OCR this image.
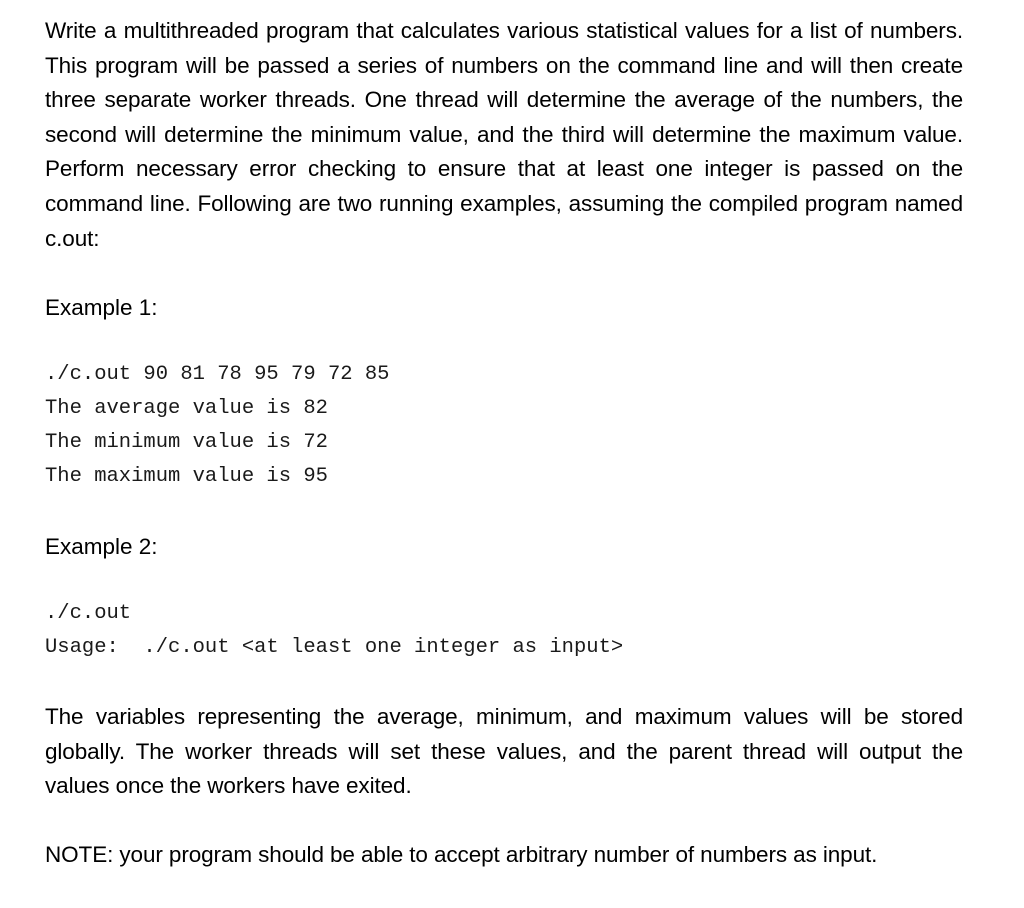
Write a multithreaded program that calculates various statistical values for a list of numbers. This program will be passed a series of numbers on the command line and will then create three separate worker threads. One thread will determine the average of the numbers, the second will determine the minimum value, and the third will determine the maximum value. Perform necessary error checking to ensure that at least one integer is passed on the command line. Following are two running examples, assuming the compiled program named c.out:

Example 1:

./c.out 90 81 78 95 79 72 85
The average value is 82
The minimum value is 72
The maximum value is 95

Example 2:

./c.out
Usage:  ./c.out <at least one integer as input>

The variables representing the average, minimum, and maximum values will be stored globally. The worker threads will set these values, and the parent thread will output the values once the workers have exited.

NOTE: your program should be able to accept arbitrary number of numbers as input.
